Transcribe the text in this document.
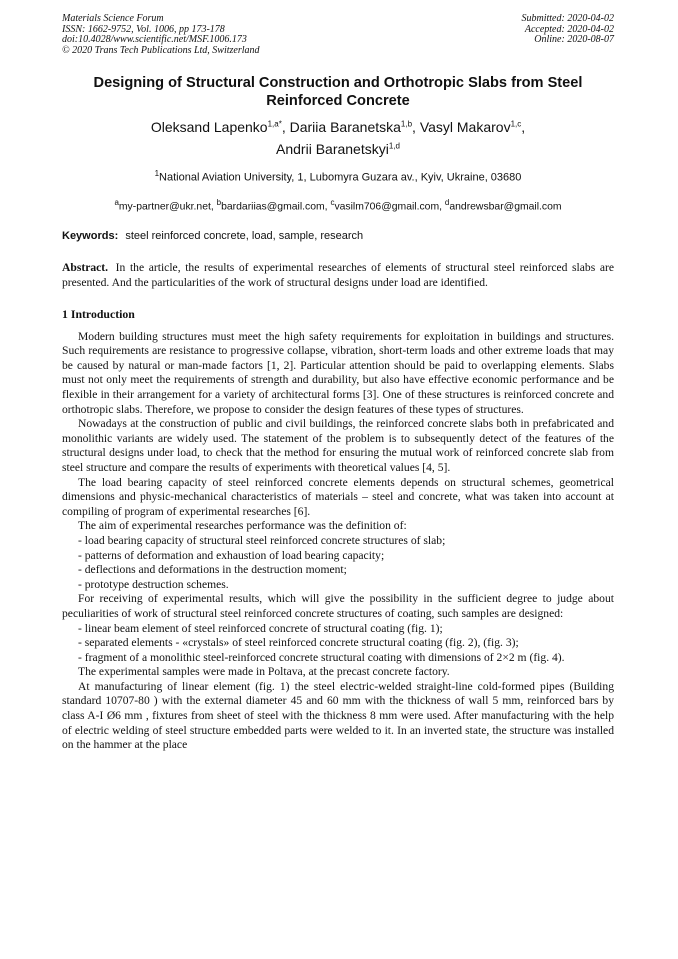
Materials Science Forum
ISSN: 1662-9752, Vol. 1006, pp 173-178
doi:10.4028/www.scientific.net/MSF.1006.173
© 2020 Trans Tech Publications Ltd, Switzerland
Submitted: 2020-04-02
Accepted: 2020-04-02
Online: 2020-08-07
Designing of Structural Construction and Orthotropic Slabs from Steel Reinforced Concrete
Oleksand Lapenko$^{1,a*}$, Dariia Baranetska$^{1,b}$, Vasyl Makarov$^{1,c}$,
Andrii Baranetskyi$^{1,d}$
$^1$National Aviation University, 1, Lubomyra Guzara av., Kyiv, Ukraine, 03680
$^a$my-partner@ukr.net, $^b$bardariias@gmail.com, $^c$vasilm706@gmail.com, $^d$andrewsbar@gmail.com
Keywords: steel reinforced concrete, load, sample, research
Abstract. In the article, the results of experimental researches of elements of structural steel reinforced slabs are presented. And the particularities of the work of structural designs under load are identified.
1 Introduction

Modern building structures must meet the high safety requirements for exploitation in buildings and structures. Such requirements are resistance to progressive collapse, vibration, short-term loads and other extreme loads that may be caused by natural or man-made factors [1, 2]. Particular attention should be paid to overlapping elements. Slabs must not only meet the requirements of strength and durability, but also have effective economic performance and be flexible in their arrangement for a variety of architectural forms [3]. One of these structures is reinforced concrete and orthotropic slabs. Therefore, we propose to consider the design features of these types of structures.

Nowadays at the construction of public and civil buildings, the reinforced concrete slabs both in prefabricated and monolithic variants are widely used. The statement of the problem is to subsequently detect of the features of the structural designs under load, to check that the method for ensuring the mutual work of reinforced concrete slab from steel structure and compare the results of experiments with theoretical values [4, 5].

The load bearing capacity of steel reinforced concrete elements depends on structural schemes, geometrical dimensions and physic-mechanical characteristics of materials – steel and concrete, what was taken into account at compiling of program of experimental researches [6].

The aim of experimental researches performance was the definition of:

- load bearing capacity of structural steel reinforced concrete structures of slab;

- patterns of deformation and exhaustion of load bearing capacity;

- deflections and deformations in the destruction moment;

- prototype destruction schemes.

For receiving of experimental results, which will give the possibility in the sufficient degree to judge about peculiarities of work of structural steel reinforced concrete structures of coating, such samples are designed:

- linear beam element of steel reinforced concrete of structural coating (fig. 1);

- separated elements - «crystals» of steel reinforced concrete structural coating (fig. 2), (fig. 3);

- fragment of a monolithic steel-reinforced concrete structural coating with dimensions of 2×2 m (fig. 4).

The experimental samples were made in Poltava, at the precast concrete factory.

At manufacturing of linear element (fig. 1) the steel electric-welded straight-line cold-formed pipes (Building standard 10707-80 ) with the external diameter 45 and 60 mm with the thickness of wall 5 mm, reinforced bars by class A-I Ø6 mm , fixtures from sheet of steel with the thickness 8 mm were used. After manufacturing with the help of electric welding of steel structure embedded parts were welded to it. In an inverted state, the structure was installed on the hammer at the place
